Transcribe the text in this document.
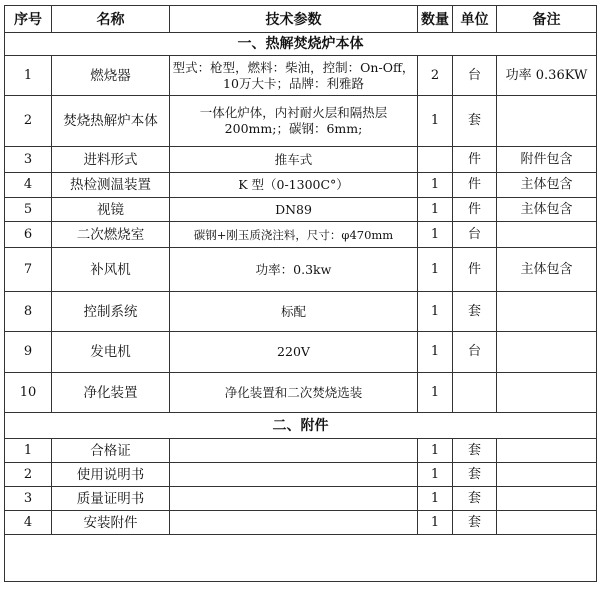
序号	名称	技术参数	数量	单位	备注
一、热解焚烧炉本体					
1	燃烧器	型式：枪型，燃料：柴油，控制：On-Off，10万大卡；品牌：利雅路	2	台	功率 0.36KW
2	焚烧热解炉本体	一体化炉体，内衬耐火层和隔热层200mm;；碳钢：6mm;	1	套	
3	进料形式	推车式		件	附件包含
4	热检测温装置	K 型（0-1300C°）	1	件	主体包含
5	视镜	DN89	1	件	主体包含
6	二次燃烧室	碳钢+刚玉质浇注料，尺寸：φ470mm	1	台	
7	补风机	功率：0.3kw	1	件	主体包含
8	控制系统	标配	1	套	
9	发电机	220V	1	台	
10	净化装置	净化装置和二次焚烧选装	1		
二、附件					
1	合格证		1	套	
2	使用说明书		1	套	
3	质量证明书		1	套	
4	安装附件		1	套	
